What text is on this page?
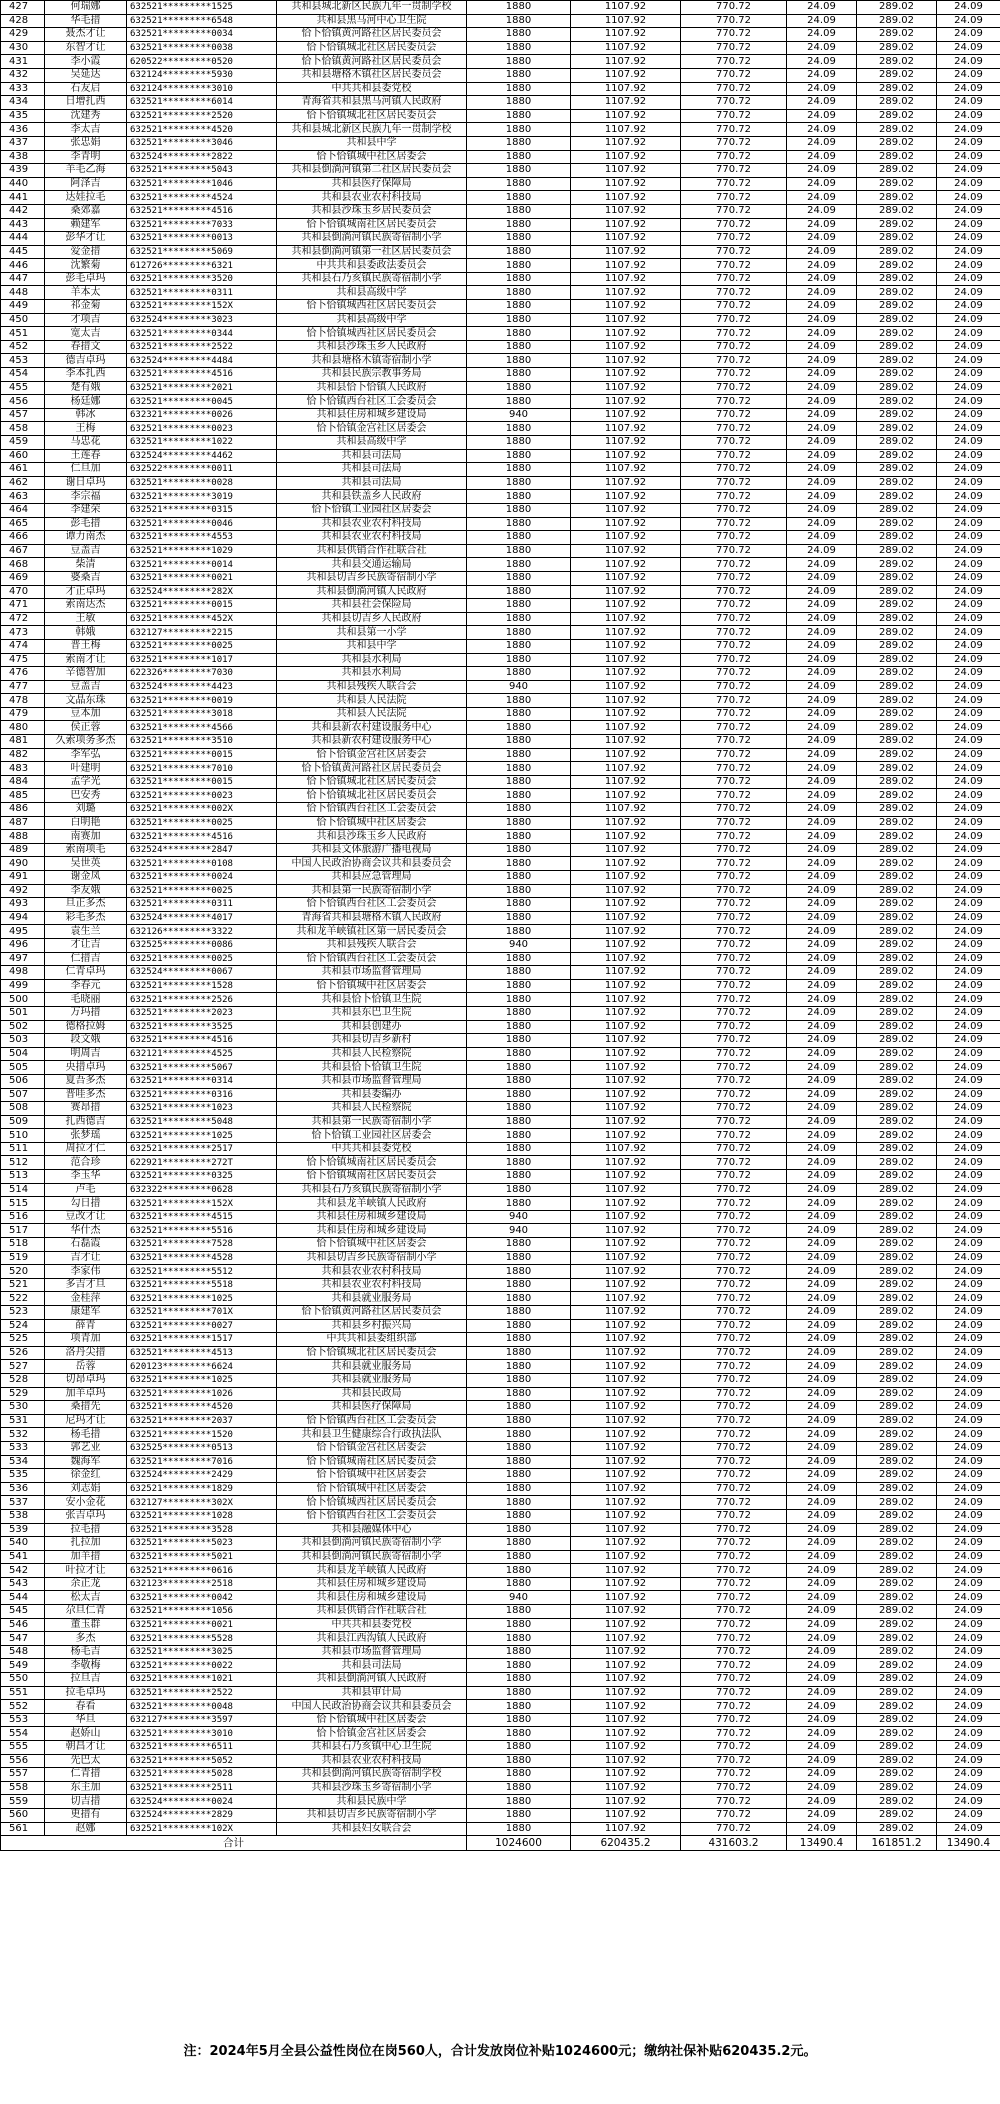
427	何瑞娜	632521*********1525	共和县城北新区民族九年一贯制学校	1880	1107.92	770.72	24.09	289.02	24.09
428	华毛措	632521*********6548	共和县黑马河中心卫生院	1880	1107.92	770.72	24.09	289.02	24.09
429	聂杰才让	632521*********0034	恰卜恰镇黄河路社区居民委员会	1880	1107.92	770.72	24.09	289.02	24.09
430	东智才让	632521*********0038	恰卜恰镇城北社区居民委员会	1880	1107.92	770.72	24.09	289.02	24.09
431	李小霞	620522*********0520	恰卜恰镇黄河路社区居民委员会	1880	1107.92	770.72	24.09	289.02	24.09
432	吴延达	632124*********5930	共和县塘格木镇社区居民委员会	1880	1107.92	770.72	24.09	289.02	24.09
433	石友启	632124*********3010	中共共和县委党校	1880	1107.92	770.72	24.09	289.02	24.09
434	日增扎西	632521*********6014	青海省共和县黑马河镇人民政府	1880	1107.92	770.72	24.09	289.02	24.09
435	沈建秀	632521*********2520	恰卜恰镇城北社区居民委员会	1880	1107.92	770.72	24.09	289.02	24.09
436	李太吉	632521*********4520	共和县城北新区民族九年一贯制学校	1880	1107.92	770.72	24.09	289.02	24.09
437	张忠娟	632521*********3046	共和县中学	1880	1107.92	770.72	24.09	289.02	24.09
438	李青明	632524*********2822	恰卜恰镇城中社区居委会	1880	1107.92	770.72	24.09	289.02	24.09
439	羊毛乙海	632521*********5043	共和县倒淌河镇第二社区居民委员会	1880	1107.92	770.72	24.09	289.02	24.09
440	阿泽吉	632521*********1046	共和县医疗保障局	1880	1107.92	770.72	24.09	289.02	24.09
441	达娃拉毛	632521*********4524	共和县农业农村科技局	1880	1107.92	770.72	24.09	289.02	24.09
442	桑郊嘉	632521*********4516	共和县沙珠玉乡居民委员会	1880	1107.92	770.72	24.09	289.02	24.09
443	赖建军	632521*********7033	恰卜恰镇城南社区居民委员会	1880	1107.92	770.72	24.09	289.02	24.09
444	彭华才让	632521*********0013	共和县倒淌河镇民族寄宿制小学	1880	1107.92	770.72	24.09	289.02	24.09
445	爱金措	632521*********5069	共和县倒淌河镇第一社区居民委员会	1880	1107.92	770.72	24.09	289.02	24.09
446	沈繁菊	612726*********6321	中共共和县委政法委员会	1880	1107.92	770.72	24.09	289.02	24.09
447	彭毛卓玛	632521*********3520	共和县石乃亥镇民族寄宿制小学	1880	1107.92	770.72	24.09	289.02	24.09
448	羊本太	632521*********0311	共和县高级中学	1880	1107.92	770.72	24.09	289.02	24.09
449	祁金菊	632521*********152X	恰卜恰镇城西社区居民委员会	1880	1107.92	770.72	24.09	289.02	24.09
450	才项吉	632524*********3023	共和县高级中学	1880	1107.92	770.72	24.09	289.02	24.09
451	宽太吉	632521*********0344	恰卜恰镇城西社区居民委员会	1880	1107.92	770.72	24.09	289.02	24.09
452	春措文	632521*********2522	共和县沙珠玉乡人民政府	1880	1107.92	770.72	24.09	289.02	24.09
453	德吉卓玛	632524*********4484	共和县塘格木镇寄宿制小学	1880	1107.92	770.72	24.09	289.02	24.09
454	李本扎西	632521*********4516	共和县民族宗教事务局	1880	1107.92	770.72	24.09	289.02	24.09
455	楚有娥	632521*********2021	共和县恰卜恰镇人民政府	1880	1107.92	770.72	24.09	289.02	24.09
456	杨廷娜	632521*********0045	恰卜恰镇西台社区工会委员会	1880	1107.92	770.72	24.09	289.02	24.09
457	韩冰	632321*********0026	共和县住房和城乡建设局	940	1107.92	770.72	24.09	289.02	24.09
458	王梅	632521*********0023	恰卜恰镇金宫社区居委会	1880	1107.92	770.72	24.09	289.02	24.09
459	马忠花	632521*********1022	共和县高级中学	1880	1107.92	770.72	24.09	289.02	24.09
460	王莲春	632524*********4462	共和县司法局	1880	1107.92	770.72	24.09	289.02	24.09
461	仁旦加	632522*********0011	共和县司法局	1880	1107.92	770.72	24.09	289.02	24.09
462	谢日卓玛	632521*********0028	共和县司法局	1880	1107.92	770.72	24.09	289.02	24.09
463	李宗福	632521*********3019	共和县铁盖乡人民政府	1880	1107.92	770.72	24.09	289.02	24.09
464	李建荣	632521*********0315	恰卜恰镇工业园社区居委会	1880	1107.92	770.72	24.09	289.02	24.09
465	彭毛措	632521*********0046	共和县农业农村科技局	1880	1107.92	770.72	24.09	289.02	24.09
466	谭力南杰	632521*********4553	共和县农业农村科技局	1880	1107.92	770.72	24.09	289.02	24.09
467	豆盖吉	632521*********1029	共和县供销合作社联合社	1880	1107.92	770.72	24.09	289.02	24.09
468	柴清	632521*********0014	共和县交通运输局	1880	1107.92	770.72	24.09	289.02	24.09
469	婆桑吉	632521*********0021	共和县切吉乡民族寄宿制小学	1880	1107.92	770.72	24.09	289.02	24.09
470	才正卓玛	632524*********282X	共和县倒淌河镇人民政府	1880	1107.92	770.72	24.09	289.02	24.09
471	索南达杰	632521*********0015	共和县社会保险局	1880	1107.92	770.72	24.09	289.02	24.09
472	王敏	632521*********452X	共和县切吉乡人民政府	1880	1107.92	770.72	24.09	289.02	24.09
473	韩娥	632127*********2215	共和县第一小学	1880	1107.92	770.72	24.09	289.02	24.09
474	普王梅	632521*********0025	共和县中学	1880	1107.92	770.72	24.09	289.02	24.09
475	索南才让	632521*********1017	共和县水利局	1880	1107.92	770.72	24.09	289.02	24.09
476	辛德智加	622326*********7030	共和县水利局	1880	1107.92	770.72	24.09	289.02	24.09
477	豆盖吉	632524*********4423	共和县残疾人联合会	940	1107.92	770.72	24.09	289.02	24.09
478	文晶东珠	632521*********0019	共和县人民法院	1880	1107.92	770.72	24.09	289.02	24.09
479	豆本加	632521*********3018	共和县人民法院	1880	1107.92	770.72	24.09	289.02	24.09
480	侯正蓉	632521*********4566	共和县新农村建设服务中心	1880	1107.92	770.72	24.09	289.02	24.09
481	久索项务多杰	632521*********3510	共和县新农村建设服务中心	1880	1107.92	770.72	24.09	289.02	24.09
482	李军弘	632521*********0015	恰卜恰镇金宫社区居委会	1880	1107.92	770.72	24.09	289.02	24.09
483	叶建明	632521*********7010	恰卜恰镇黄河路社区居民委员会	1880	1107.92	770.72	24.09	289.02	24.09
484	孟学光	632521*********0015	恰卜恰镇城北社区居民委员会	1880	1107.92	770.72	24.09	289.02	24.09
485	巴安秀	632521*********0023	恰卜恰镇城北社区居民委员会	1880	1107.92	770.72	24.09	289.02	24.09
486	刘璐	632521*********002X	恰卜恰镇西台社区工会委员会	1880	1107.92	770.72	24.09	289.02	24.09
487	白明艳	632521*********0025	恰卜恰镇城中社区居委会	1880	1107.92	770.72	24.09	289.02	24.09
488	南赛加	632521*********4516	共和县沙珠玉乡人民政府	1880	1107.92	770.72	24.09	289.02	24.09
489	索南项毛	632524*********2847	共和县文体旅游广播电视局	1880	1107.92	770.72	24.09	289.02	24.09
490	吴世英	632521*********0108	中国人民政治协商会议共和县委员会	1880	1107.92	770.72	24.09	289.02	24.09
491	谢金凤	632521*********0024	共和县应急管理局	1880	1107.92	770.72	24.09	289.02	24.09
492	李友娥	632521*********0025	共和县第一民族寄宿制小学	1880	1107.92	770.72	24.09	289.02	24.09
493	旦正多杰	632521*********0311	恰卜恰镇西台社区工会委员会	1880	1107.92	770.72	24.09	289.02	24.09
494	彩毛多杰	632524*********4017	青海省共和县塘格木镇人民政府	1880	1107.92	770.72	24.09	289.02	24.09
495	袁生兰	632126*********3322	共和龙羊峡镇社区第一居民委员会	1880	1107.92	770.72	24.09	289.02	24.09
496	才让吉	632525*********0086	共和县残疾人联合会	940	1107.92	770.72	24.09	289.02	24.09
497	仁措吉	632521*********0025	恰卜恰镇西台社区工会委员会	1880	1107.92	770.72	24.09	289.02	24.09
498	仁青卓玛	632524*********0067	共和县市场监督管理局	1880	1107.92	770.72	24.09	289.02	24.09
499	李春元	632521*********1528	恰卜恰镇城中社区居委会	1880	1107.92	770.72	24.09	289.02	24.09
500	毛晓丽	632521*********2526	共和县恰卜恰镇卫生院	1880	1107.92	770.72	24.09	289.02	24.09
501	万玛措	632521*********2023	共和县东巴卫生院	1880	1107.92	770.72	24.09	289.02	24.09
502	德格拉姆	632521*********3525	共和县创建办	1880	1107.92	770.72	24.09	289.02	24.09
503	段文娥	632521*********4516	共和县切吉乡新村	1880	1107.92	770.72	24.09	289.02	24.09
504	明周吉	632121*********4525	共和县人民检察院	1880	1107.92	770.72	24.09	289.02	24.09
505	央措卓玛	632521*********5067	共和县恰卜恰镇卫生院	1880	1107.92	770.72	24.09	289.02	24.09
506	夏吾多杰	632521*********0314	共和县市场监督管理局	1880	1107.92	770.72	24.09	289.02	24.09
507	普哇多杰	632521*********0316	共和县委编办	1880	1107.92	770.72	24.09	289.02	24.09
508	赛昂措	632521*********1023	共和县人民检察院	1880	1107.92	770.72	24.09	289.02	24.09
509	扎西德吉	632521*********5048	共和县第一民族寄宿制小学	1880	1107.92	770.72	24.09	289.02	24.09
510	张梦瑶	632521*********1025	恰卜恰镇工业园社区居委会	1880	1107.92	770.72	24.09	289.02	24.09
511	周拉才仁	632521*********2517	中共共和县委党校	1880	1107.92	770.72	24.09	289.02	24.09
512	范合珍	622921*********272T	恰卜恰镇城南社区居民委员会	1880	1107.92	770.72	24.09	289.02	24.09
513	李玉华	632521*********0325	恰卜恰镇城南社区居民委员会	1880	1107.92	770.72	24.09	289.02	24.09
514	卢毛	632322*********0628	共和县石乃亥镇民族寄宿制小学	1880	1107.92	770.72	24.09	289.02	24.09
515	勾日措	632521*********152X	共和县龙羊峡镇人民政府	1880	1107.92	770.72	24.09	289.02	24.09
516	豆改才让	632521*********4515	共和县住房和城乡建设局	940	1107.92	770.72	24.09	289.02	24.09
517	华什杰	632521*********5516	共和县住房和城乡建设局	940	1107.92	770.72	24.09	289.02	24.09
518	石磊霞	632521*********7528	恰卜恰镇城中社区居委会	1880	1107.92	770.72	24.09	289.02	24.09
519	吉才让	632521*********4528	共和县切吉乡民族寄宿制小学	1880	1107.92	770.72	24.09	289.02	24.09
520	李家伟	632521*********5512	共和县农业农村科技局	1880	1107.92	770.72	24.09	289.02	24.09
521	多吉才旦	632521*********5518	共和县农业农村科技局	1880	1107.92	770.72	24.09	289.02	24.09
522	金桂萍	632521*********1025	共和县就业服务局	1880	1107.92	770.72	24.09	289.02	24.09
523	康建军	632521*********701X	恰卜恰镇黄河路社区居民委员会	1880	1107.92	770.72	24.09	289.02	24.09
524	薛青	632521*********0027	共和县乡村振兴局	1880	1107.92	770.72	24.09	289.02	24.09
525	项青加	632521*********1517	中共共和县委组织部	1880	1107.92	770.72	24.09	289.02	24.09
526	洛丹尖措	632521*********4513	恰卜恰镇城北社区居民委员会	1880	1107.92	770.72	24.09	289.02	24.09
527	岳蓉	620123*********6624	共和县就业服务局	1880	1107.92	770.72	24.09	289.02	24.09
528	切昂卓玛	632521*********1025	共和县就业服务局	1880	1107.92	770.72	24.09	289.02	24.09
529	加羊卓玛	632521*********1026	共和县民政局	1880	1107.92	770.72	24.09	289.02	24.09
530	桑措先	632521*********4520	共和县医疗保障局	1880	1107.92	770.72	24.09	289.02	24.09
531	尼玛才让	632521*********2037	恰卜恰镇西台社区工会委员会	1880	1107.92	770.72	24.09	289.02	24.09
532	杨毛措	632521*********1520	共和县卫生健康综合行政执法队	1880	1107.92	770.72	24.09	289.02	24.09
533	郭艺业	632525*********0513	恰卜恰镇金宫社区居委会	1880	1107.92	770.72	24.09	289.02	24.09
534	魏海军	632521*********7016	恰卜恰镇城南社区居民委员会	1880	1107.92	770.72	24.09	289.02	24.09
535	徐金红	632524*********2429	恰卜恰镇城中社区居委会	1880	1107.92	770.72	24.09	289.02	24.09
536	刘志娟	632521*********1829	恰卜恰镇城中社区居委会	1880	1107.92	770.72	24.09	289.02	24.09
537	安小金花	632127*********302X	恰卜恰镇城西社区居民委员会	1880	1107.92	770.72	24.09	289.02	24.09
538	张吉卓玛	632521*********1028	恰卜恰镇西台社区工会委员会	1880	1107.92	770.72	24.09	289.02	24.09
539	拉毛措	632521*********3528	共和县融媒体中心	1880	1107.92	770.72	24.09	289.02	24.09
540	扎拉加	632521*********5023	共和县倒淌河镇民族寄宿制小学	1880	1107.92	770.72	24.09	289.02	24.09
541	加羊措	632521*********5021	共和县倒淌河镇民族寄宿制小学	1880	1107.92	770.72	24.09	289.02	24.09
542	叶拉才让	632521*********0616	共和县龙羊峡镇人民政府	1880	1107.92	770.72	24.09	289.02	24.09
543	余正龙	632123*********2518	共和县住房和城乡建设局	1880	1107.92	770.72	24.09	289.02	24.09
544	松太吉	632521*********0042	共和县住房和城乡建设局	940	1107.92	770.72	24.09	289.02	24.09
545	尕旦仁青	632521*********1056	共和县供销合作社联合社	1880	1107.92	770.72	24.09	289.02	24.09
546	董玉群	632521*********0021	中共共和县委党校	1880	1107.92	770.72	24.09	289.02	24.09
547	多杰	632521*********5528	共和县江西沟镇人民政府	1880	1107.92	770.72	24.09	289.02	24.09
548	杨毛吉	632521*********3025	共和县市场监督管理局	1880	1107.92	770.72	24.09	289.02	24.09
549	李敬梅	632521*********0022	共和县司法局	1880	1107.92	770.72	24.09	289.02	24.09
550	拉旦吉	632521*********1021	共和县倒淌河镇人民政府	1880	1107.92	770.72	24.09	289.02	24.09
551	拉毛卓玛	632521*********2522	共和县审计局	1880	1107.92	770.72	24.09	289.02	24.09
552	春看	632521*********0048	中国人民政治协商会议共和县委员会	1880	1107.92	770.72	24.09	289.02	24.09
553	华旦	632127*********3597	恰卜恰镇城中社区居委会	1880	1107.92	770.72	24.09	289.02	24.09
554	赵娇山	632521*********3010	恰卜恰镇金宫社区居委会	1880	1107.92	770.72	24.09	289.02	24.09
555	朝昌才让	632521*********6511	共和县石乃亥镇中心卫生院	1880	1107.92	770.72	24.09	289.02	24.09
556	先巴太	632521*********5052	共和县农业农村科技局	1880	1107.92	770.72	24.09	289.02	24.09
557	仁青措	632521*********5028	共和县倒淌河镇民族寄宿制学校	1880	1107.92	770.72	24.09	289.02	24.09
558	东主加	632521*********2511	共和县沙珠玉乡寄宿制小学	1880	1107.92	770.72	24.09	289.02	24.09
559	切吉措	632524*********0024	共和县民族中学	1880	1107.92	770.72	24.09	289.02	24.09
560	更措有	632524*********2829	共和县切吉乡民族寄宿制小学	1880	1107.92	770.72	24.09	289.02	24.09
561	赵娜	632521*********102X	共和县妇女联合会	1880	1107.92	770.72	24.09	289.02	24.09
合计				1024600	620435.2	431603.2	13490.4	161851.2	13490.4
注：2024年5月全县公益性岗位在岗560人，合计发放岗位补贴1024600元；缴纳社保补贴620435.2元。
